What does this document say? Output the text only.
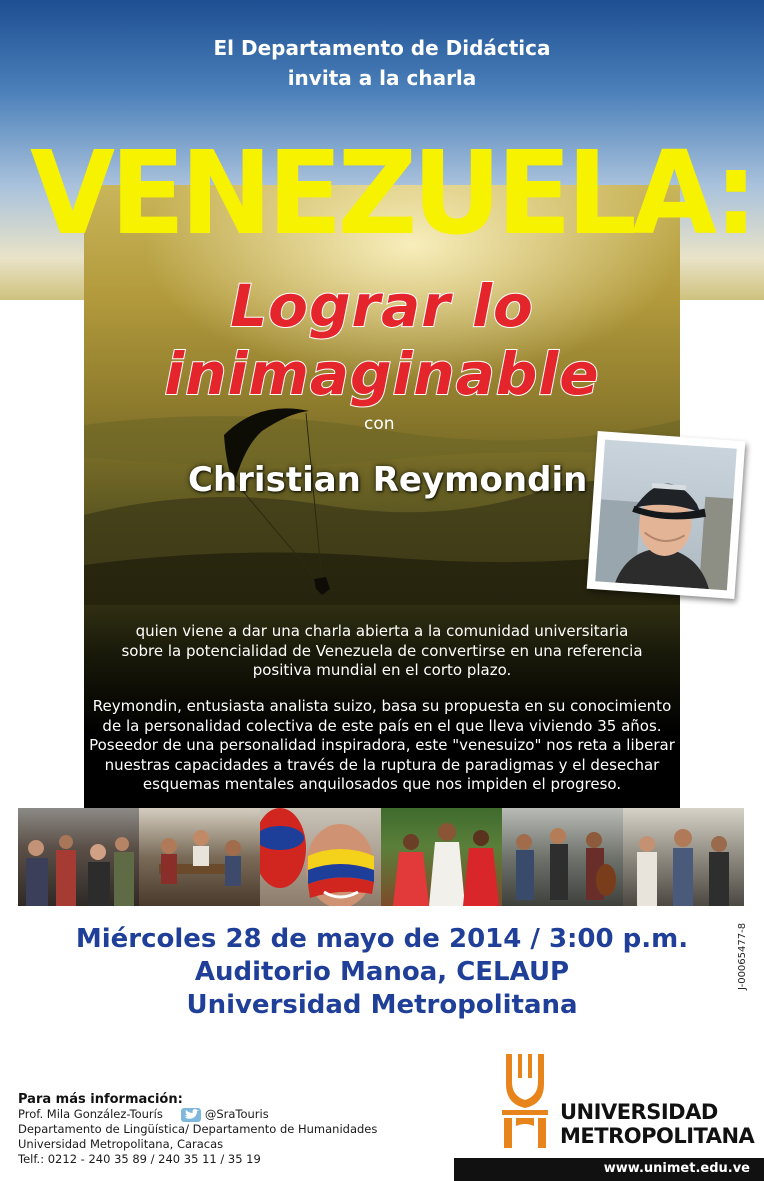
El Departamento de Didáctica
invita a la charla
VENEZUELA:
Lograr lo inimaginable
con
Christian Reymondin
quien viene a dar una charla abierta a la comunidad universitaria
sobre la potencialidad de Venezuela de convertirse en una referencia
positiva mundial en el corto plazo.
Reymondin, entusiasta analista suizo, basa su propuesta en su conocimiento
de la personalidad colectiva de este país en el que lleva viviendo 35 años.
Poseedor de una personalidad inspiradora, este "venesuizo" nos reta a liberar
nuestras capacidades a través de la ruptura de paradigmas y el desechar
esquemas mentales anquilosados que nos impiden el progreso.
Miércoles 28 de mayo de 2014 / 3:00 p.m.
Auditorio Manoa, CELAUP
Universidad Metropolitana
J-00065477-8
Para más información:
Prof. Mila González-Tourís	@SraTouris
Departamento de Lingüística/ Departamento de Humanidades
Universidad Metropolitana, Caracas
Telf.: 0212 - 240 35 89 / 240 35 11 / 35 19
UNIVERSIDAD
METROPOLITANA
www.unimet.edu.ve
